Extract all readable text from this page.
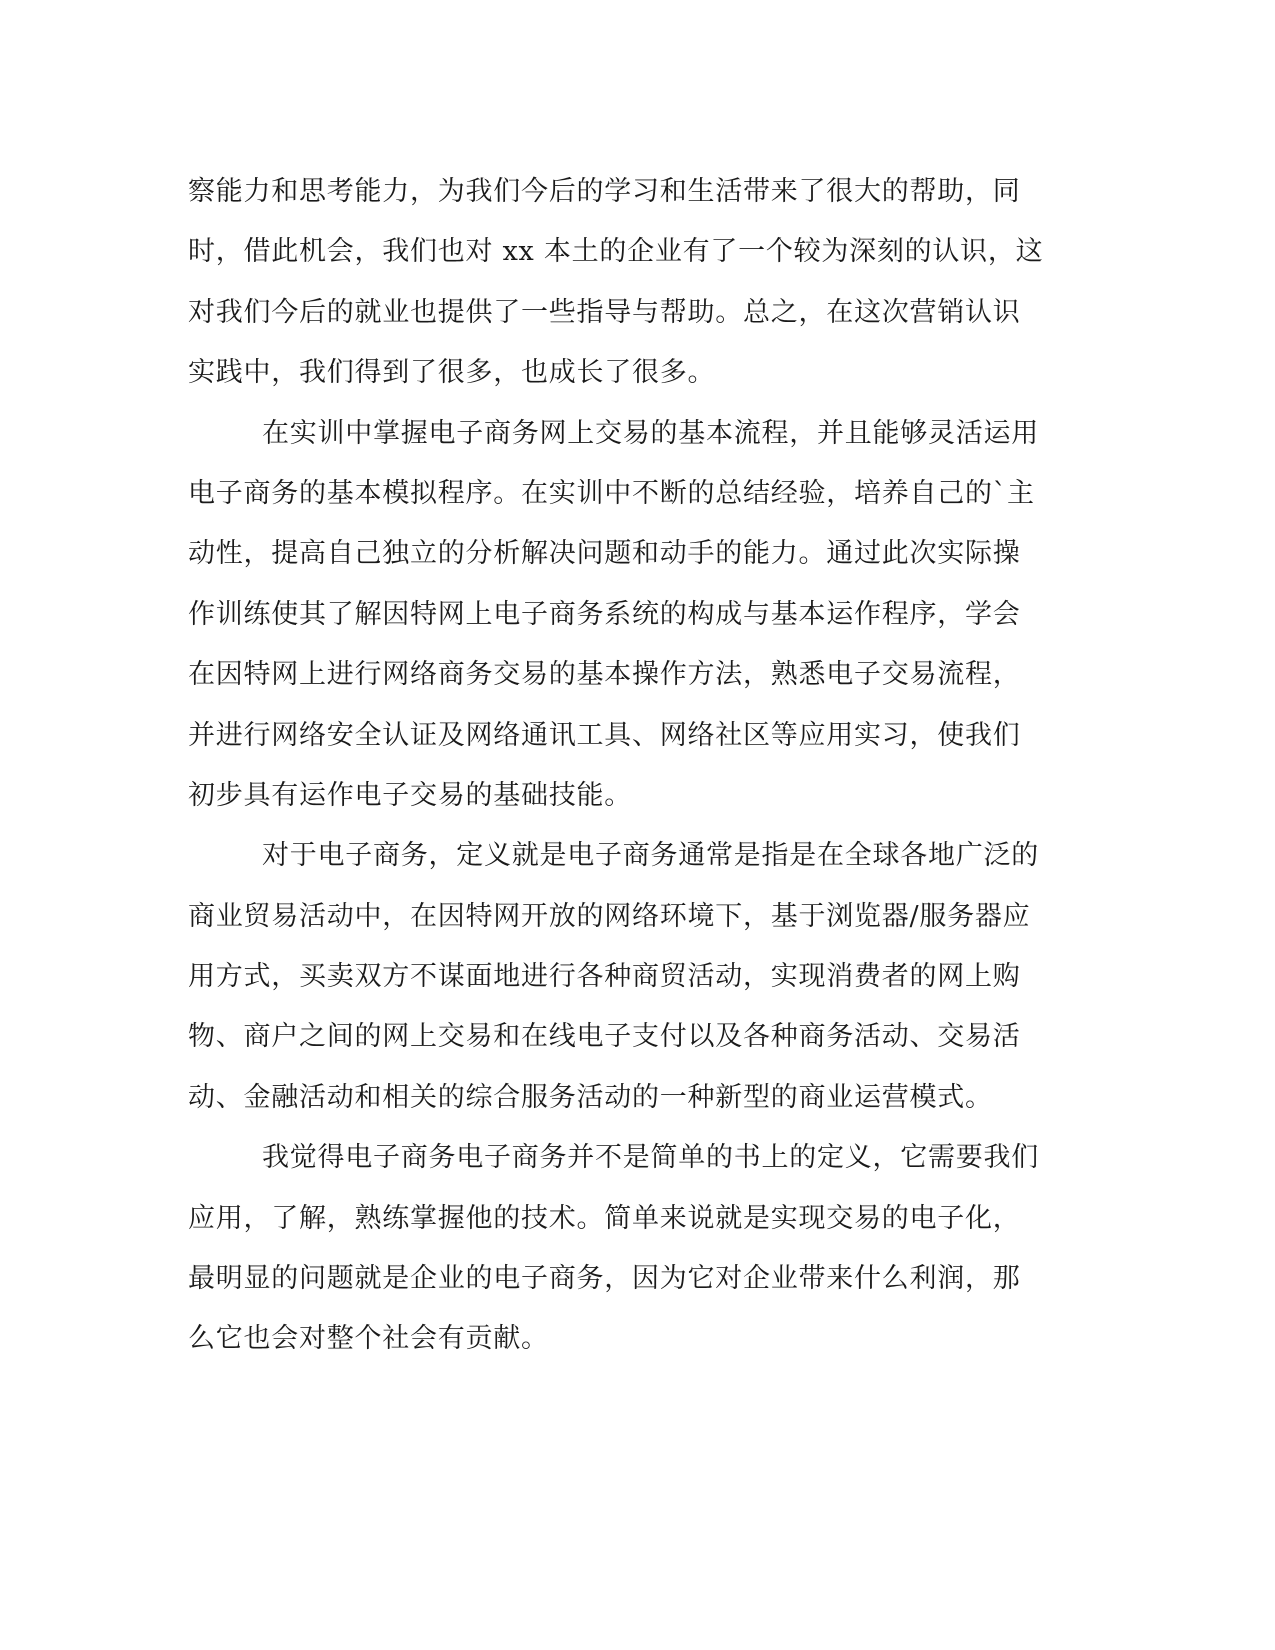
察能力和思考能力，为我们今后的学习和生活带来了很大的帮助，同
时，借此机会，我们也对 xx 本土的企业有了一个较为深刻的认识，这
对我们今后的就业也提供了一些指导与帮助。总之，在这次营销认识
实践中，我们得到了很多，也成长了很多。
在实训中掌握电子商务网上交易的基本流程，并且能够灵活运用
电子商务的基本模拟程序。在实训中不断的总结经验，培养自己的`主
动性，提高自己独立的分析解决问题和动手的能力。通过此次实际操
作训练使其了解因特网上电子商务系统的构成与基本运作程序，学会
在因特网上进行网络商务交易的基本操作方法，熟悉电子交易流程，
并进行网络安全认证及网络通讯工具、网络社区等应用实习，使我们
初步具有运作电子交易的基础技能。
对于电子商务，定义就是电子商务通常是指是在全球各地广泛的
商业贸易活动中，在因特网开放的网络环境下，基于浏览器/服务器应
用方式，买卖双方不谋面地进行各种商贸活动，实现消费者的网上购
物、商户之间的网上交易和在线电子支付以及各种商务活动、交易活
动、金融活动和相关的综合服务活动的一种新型的商业运营模式。
我觉得电子商务电子商务并不是简单的书上的定义，它需要我们
应用，了解，熟练掌握他的技术。简单来说就是实现交易的电子化，
最明显的问题就是企业的电子商务，因为它对企业带来什么利润，那
么它也会对整个社会有贡献。
